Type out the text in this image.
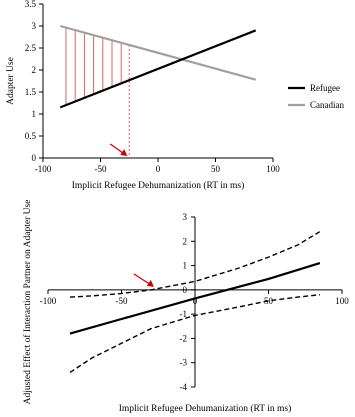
0
0.5
1
1.5
2
2.5
3
3.5
-100	-50	0	50	100
Implicit Refugee Dehumanization (RT in ms)
Adapter Use	Refugee
Canadian
-4
-3
-2
-1
0
1
2
3
-100	-50	0	50	100
Implicit Refugee Dehumanization (RT in ms)
Adjusted Effect of Interaction Partner on Adapter Use
